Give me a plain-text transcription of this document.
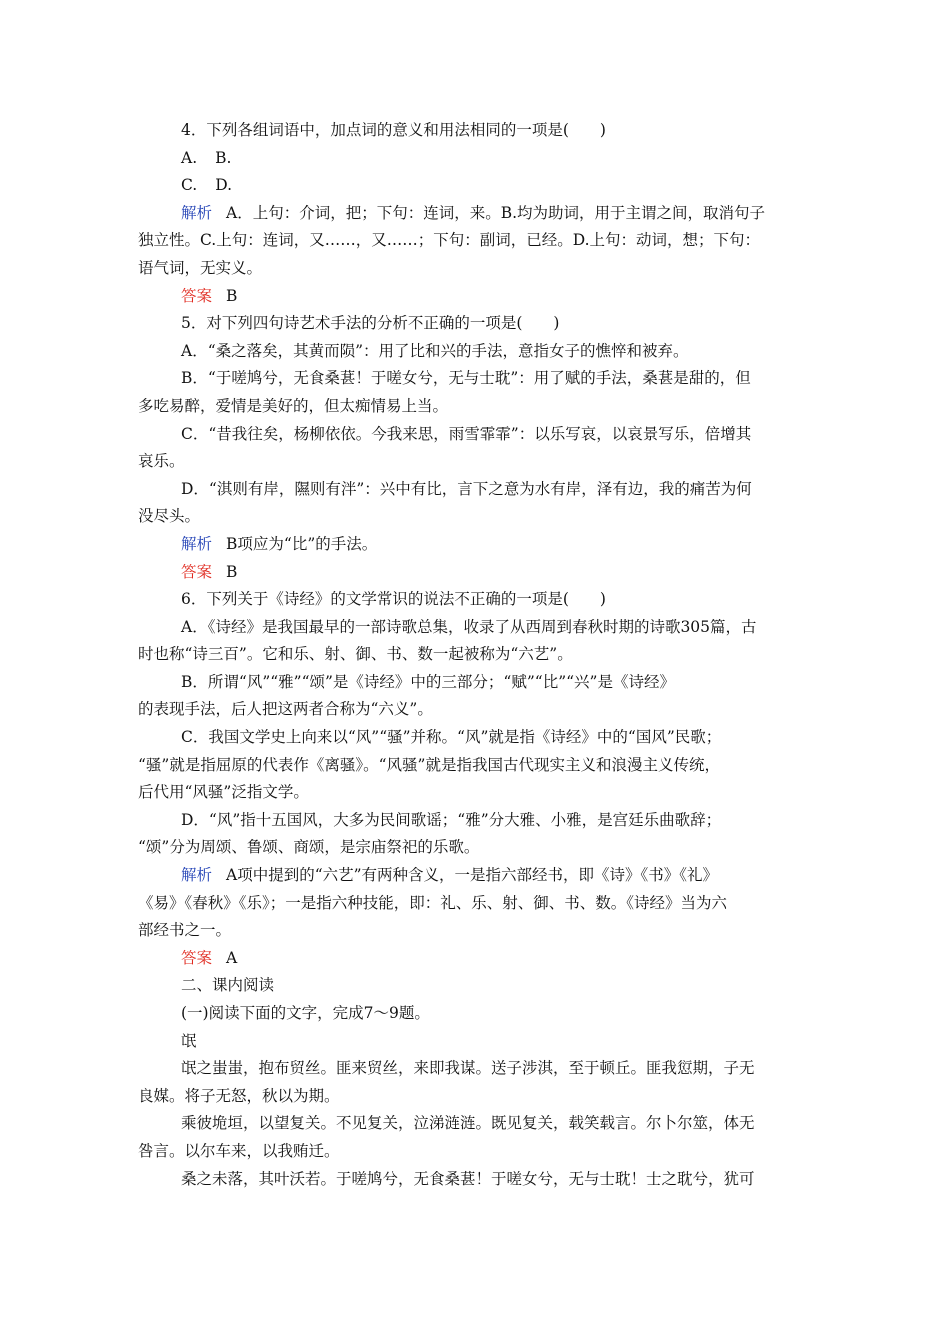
4．下列各组词语中，加点词的意义和用法相同的一项是(　　)
A. B.
C. D.
解析 A．上句：介词，把；下句：连词，来。B.均为助词，用于主谓之间，取消句子
独立性。C.上句：连词，又……，又……；下句：副词，已经。D.上句：动词，想；下句：
语气词，无实义。
答案 B
5．对下列四句诗艺术手法的分析不正确的一项是(　　)
A．“桑之落矣，其黄而陨”：用了比和兴的手法，意指女子的憔悴和被弃。
B．“于嗟鸠兮，无食桑葚！于嗟女兮，无与士耽”：用了赋的手法，桑葚是甜的，但
多吃易醉，爱情是美好的，但太痴情易上当。
C．“昔我往矣，杨柳依依。今我来思，雨雪霏霏”：以乐写哀，以哀景写乐，倍增其
哀乐。
D．“淇则有岸，隰则有泮”：兴中有比，言下之意为水有岸，泽有边，我的痛苦为何
没尽头。
解析 B项应为“比”的手法。
答案 B
6．下列关于《诗经》的文学常识的说法不正确的一项是(　　)
A．《诗经》是我国最早的一部诗歌总集，收录了从西周到春秋时期的诗歌305篇，古
时也称“诗三百”。它和乐、射、御、书、数一起被称为“六艺”。
B．所谓“风”“雅”“颂”是《诗经》中的三部分；“赋”“比”“兴”是《诗经》
的表现手法，后人把这两者合称为“六义”。
C．我国文学史上向来以“风”“骚”并称。“风”就是指《诗经》中的“国风”民歌；
“骚”就是指屈原的代表作《离骚》。“风骚”就是指我国古代现实主义和浪漫主义传统，
后代用“风骚”泛指文学。
D．“风”指十五国风，大多为民间歌谣；“雅”分大雅、小雅，是宫廷乐曲歌辞；
“颂”分为周颂、鲁颂、商颂，是宗庙祭祀的乐歌。
解析 A项中提到的“六艺”有两种含义，一是指六部经书，即《诗》《书》《礼》
《易》《春秋》《乐》；一是指六种技能，即：礼、乐、射、御、书、数。《诗经》当为六
部经书之一。
答案 A
二、课内阅读
(一)阅读下面的文字，完成7～9题。
氓
氓之蚩蚩，抱布贸丝。匪来贸丝，来即我谋。送子涉淇，至于顿丘。匪我愆期，子无
良媒。将子无怒，秋以为期。
乘彼垝垣，以望复关。不见复关，泣涕涟涟。既见复关，载笑载言。尔卜尔筮，体无
咎言。以尔车来，以我贿迁。
桑之未落，其叶沃若。于嗟鸠兮，无食桑葚！于嗟女兮，无与士耽！士之耽兮，犹可
